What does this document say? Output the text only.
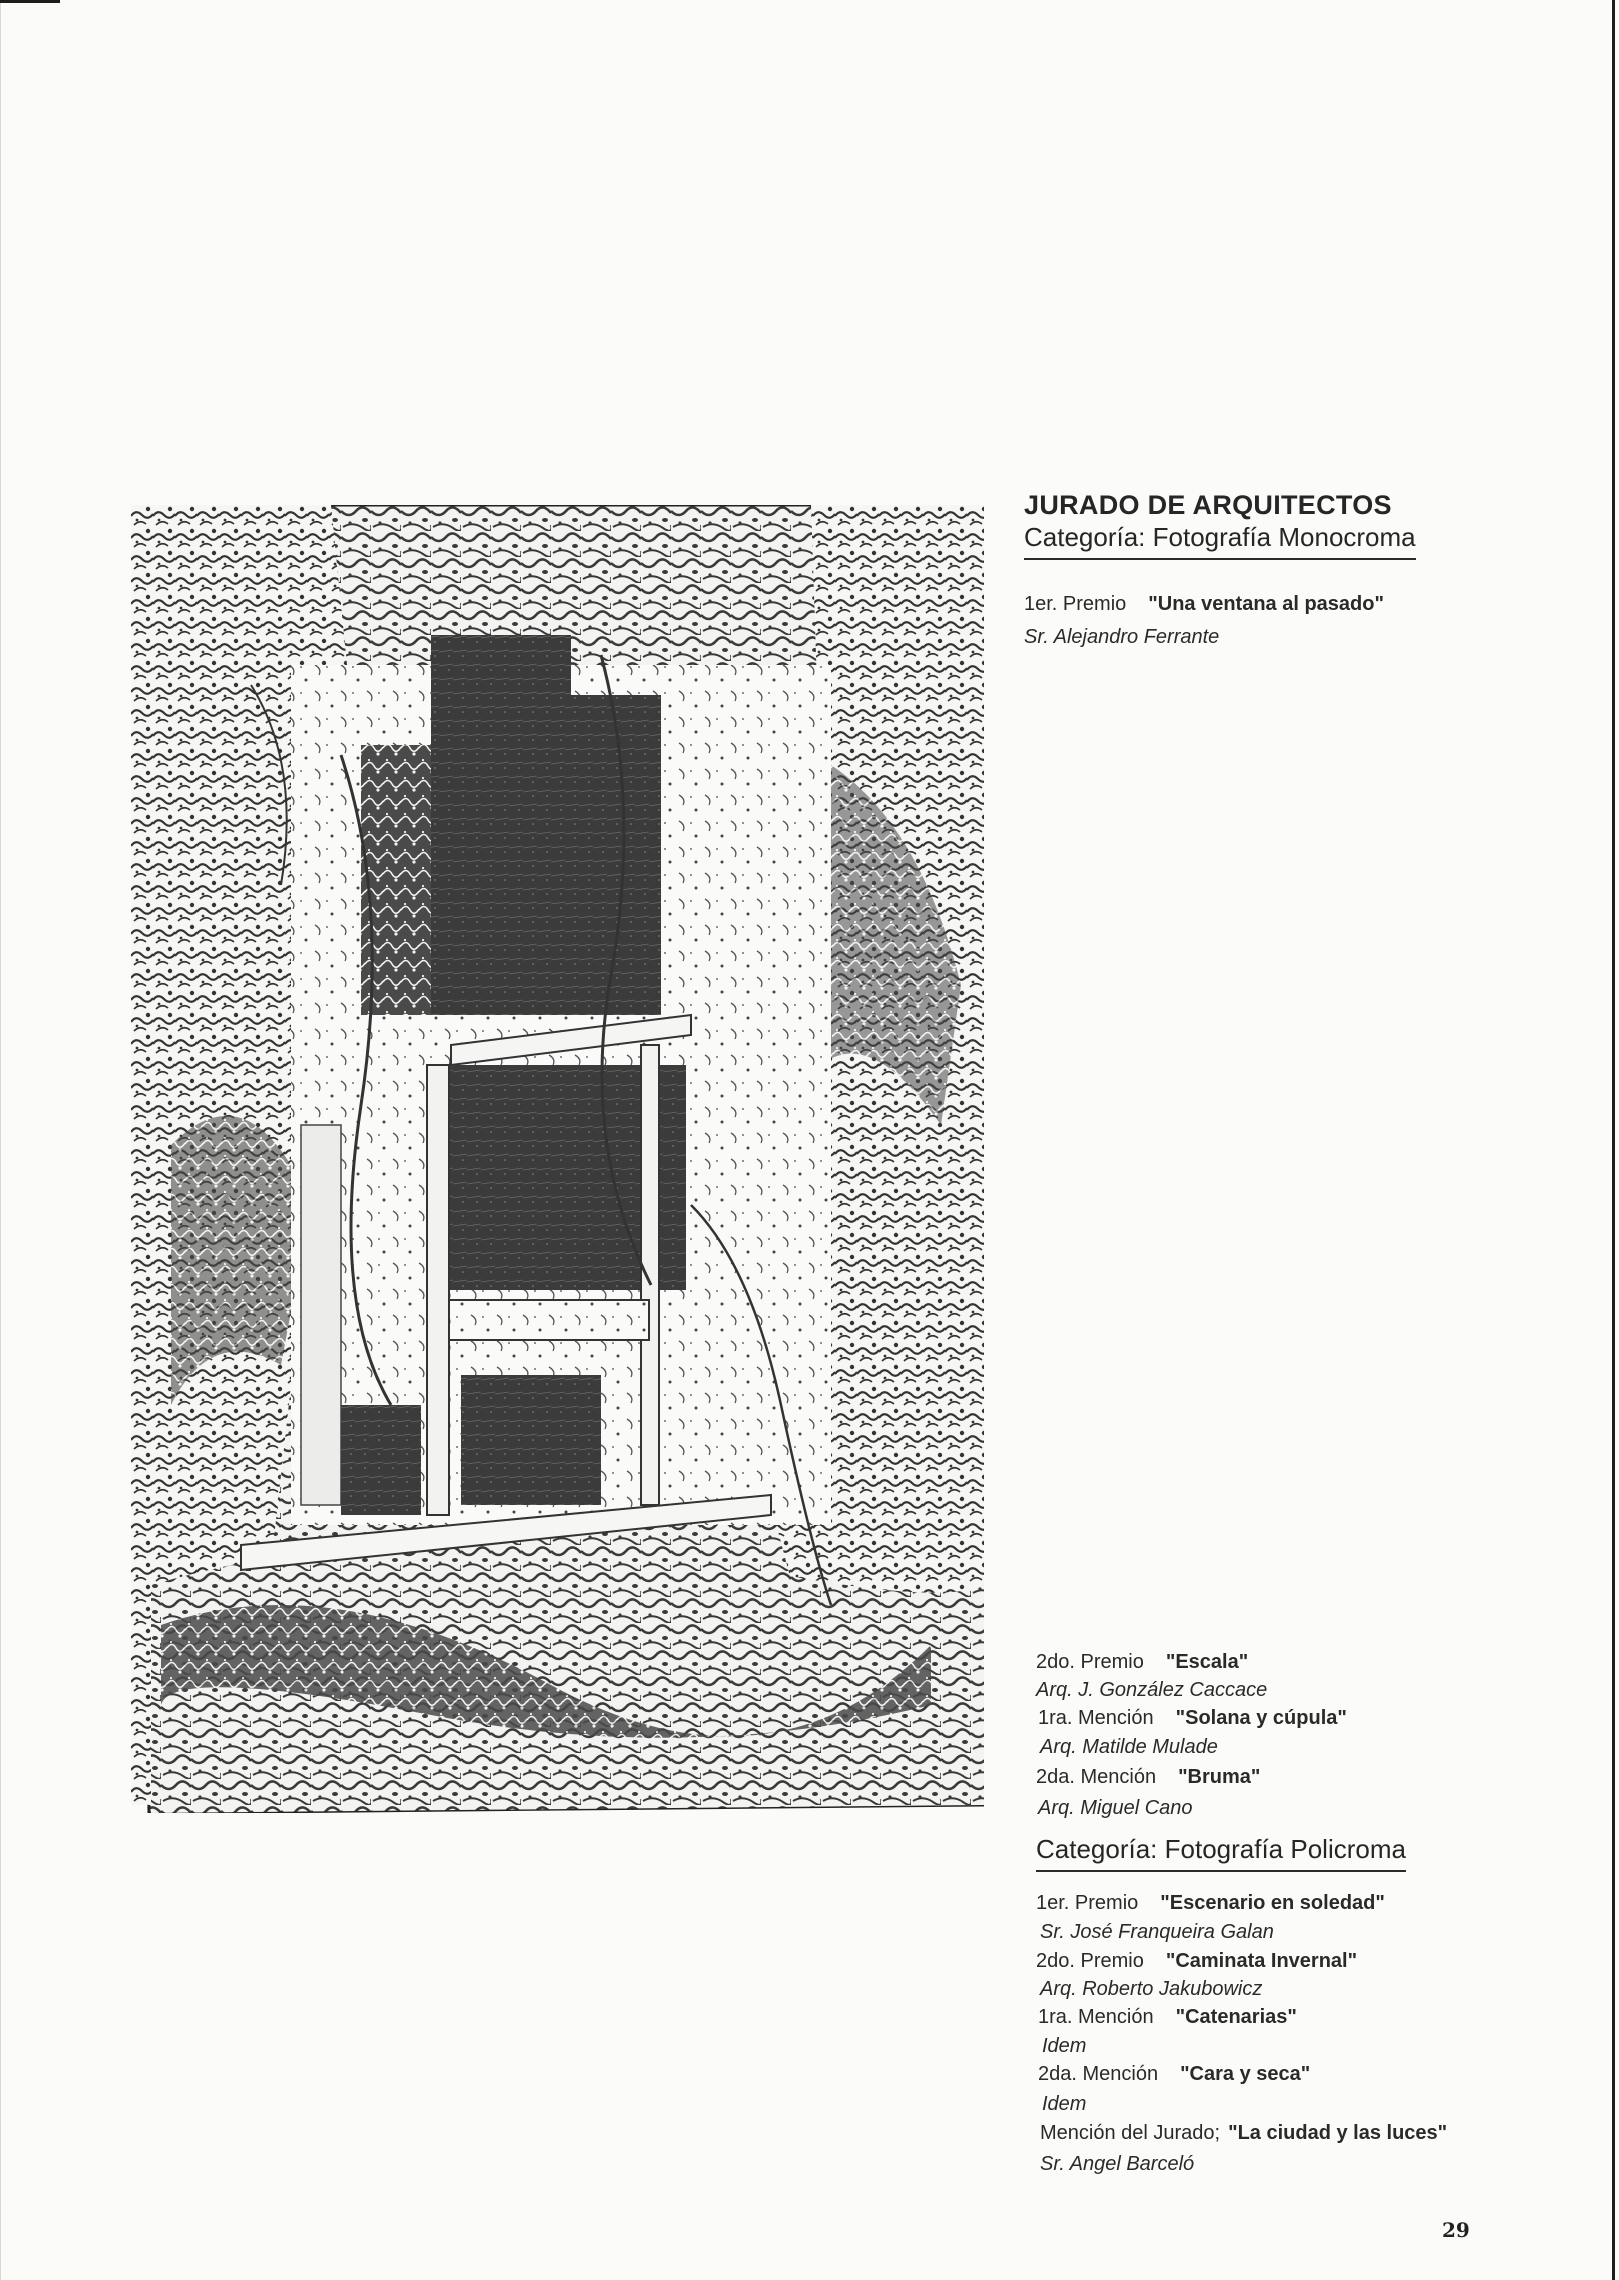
JURADO DE ARQUITECTOS
Categoría: Fotografía Monocroma
1er. Premio "Una ventana al pasado"
Sr. Alejandro Ferrante
2do. Premio "Escala"
Arq. J. González Caccace
1ra. Mención "Solana y cúpula"
Arq. Matilde Mulade
2da. Mención "Bruma"
Arq. Miguel Cano
Categoría: Fotografía Policroma
1er. Premio "Escenario en soledad"
Sr. José Franqueira Galan
2do. Premio "Caminata Invernal"
Arq. Roberto Jakubowicz
1ra. Mención "Catenarias"
Idem
2da. Mención "Cara y seca"
Idem
Mención del Jurado; "La ciudad y las luces"
Sr. Angel Barceló
29
